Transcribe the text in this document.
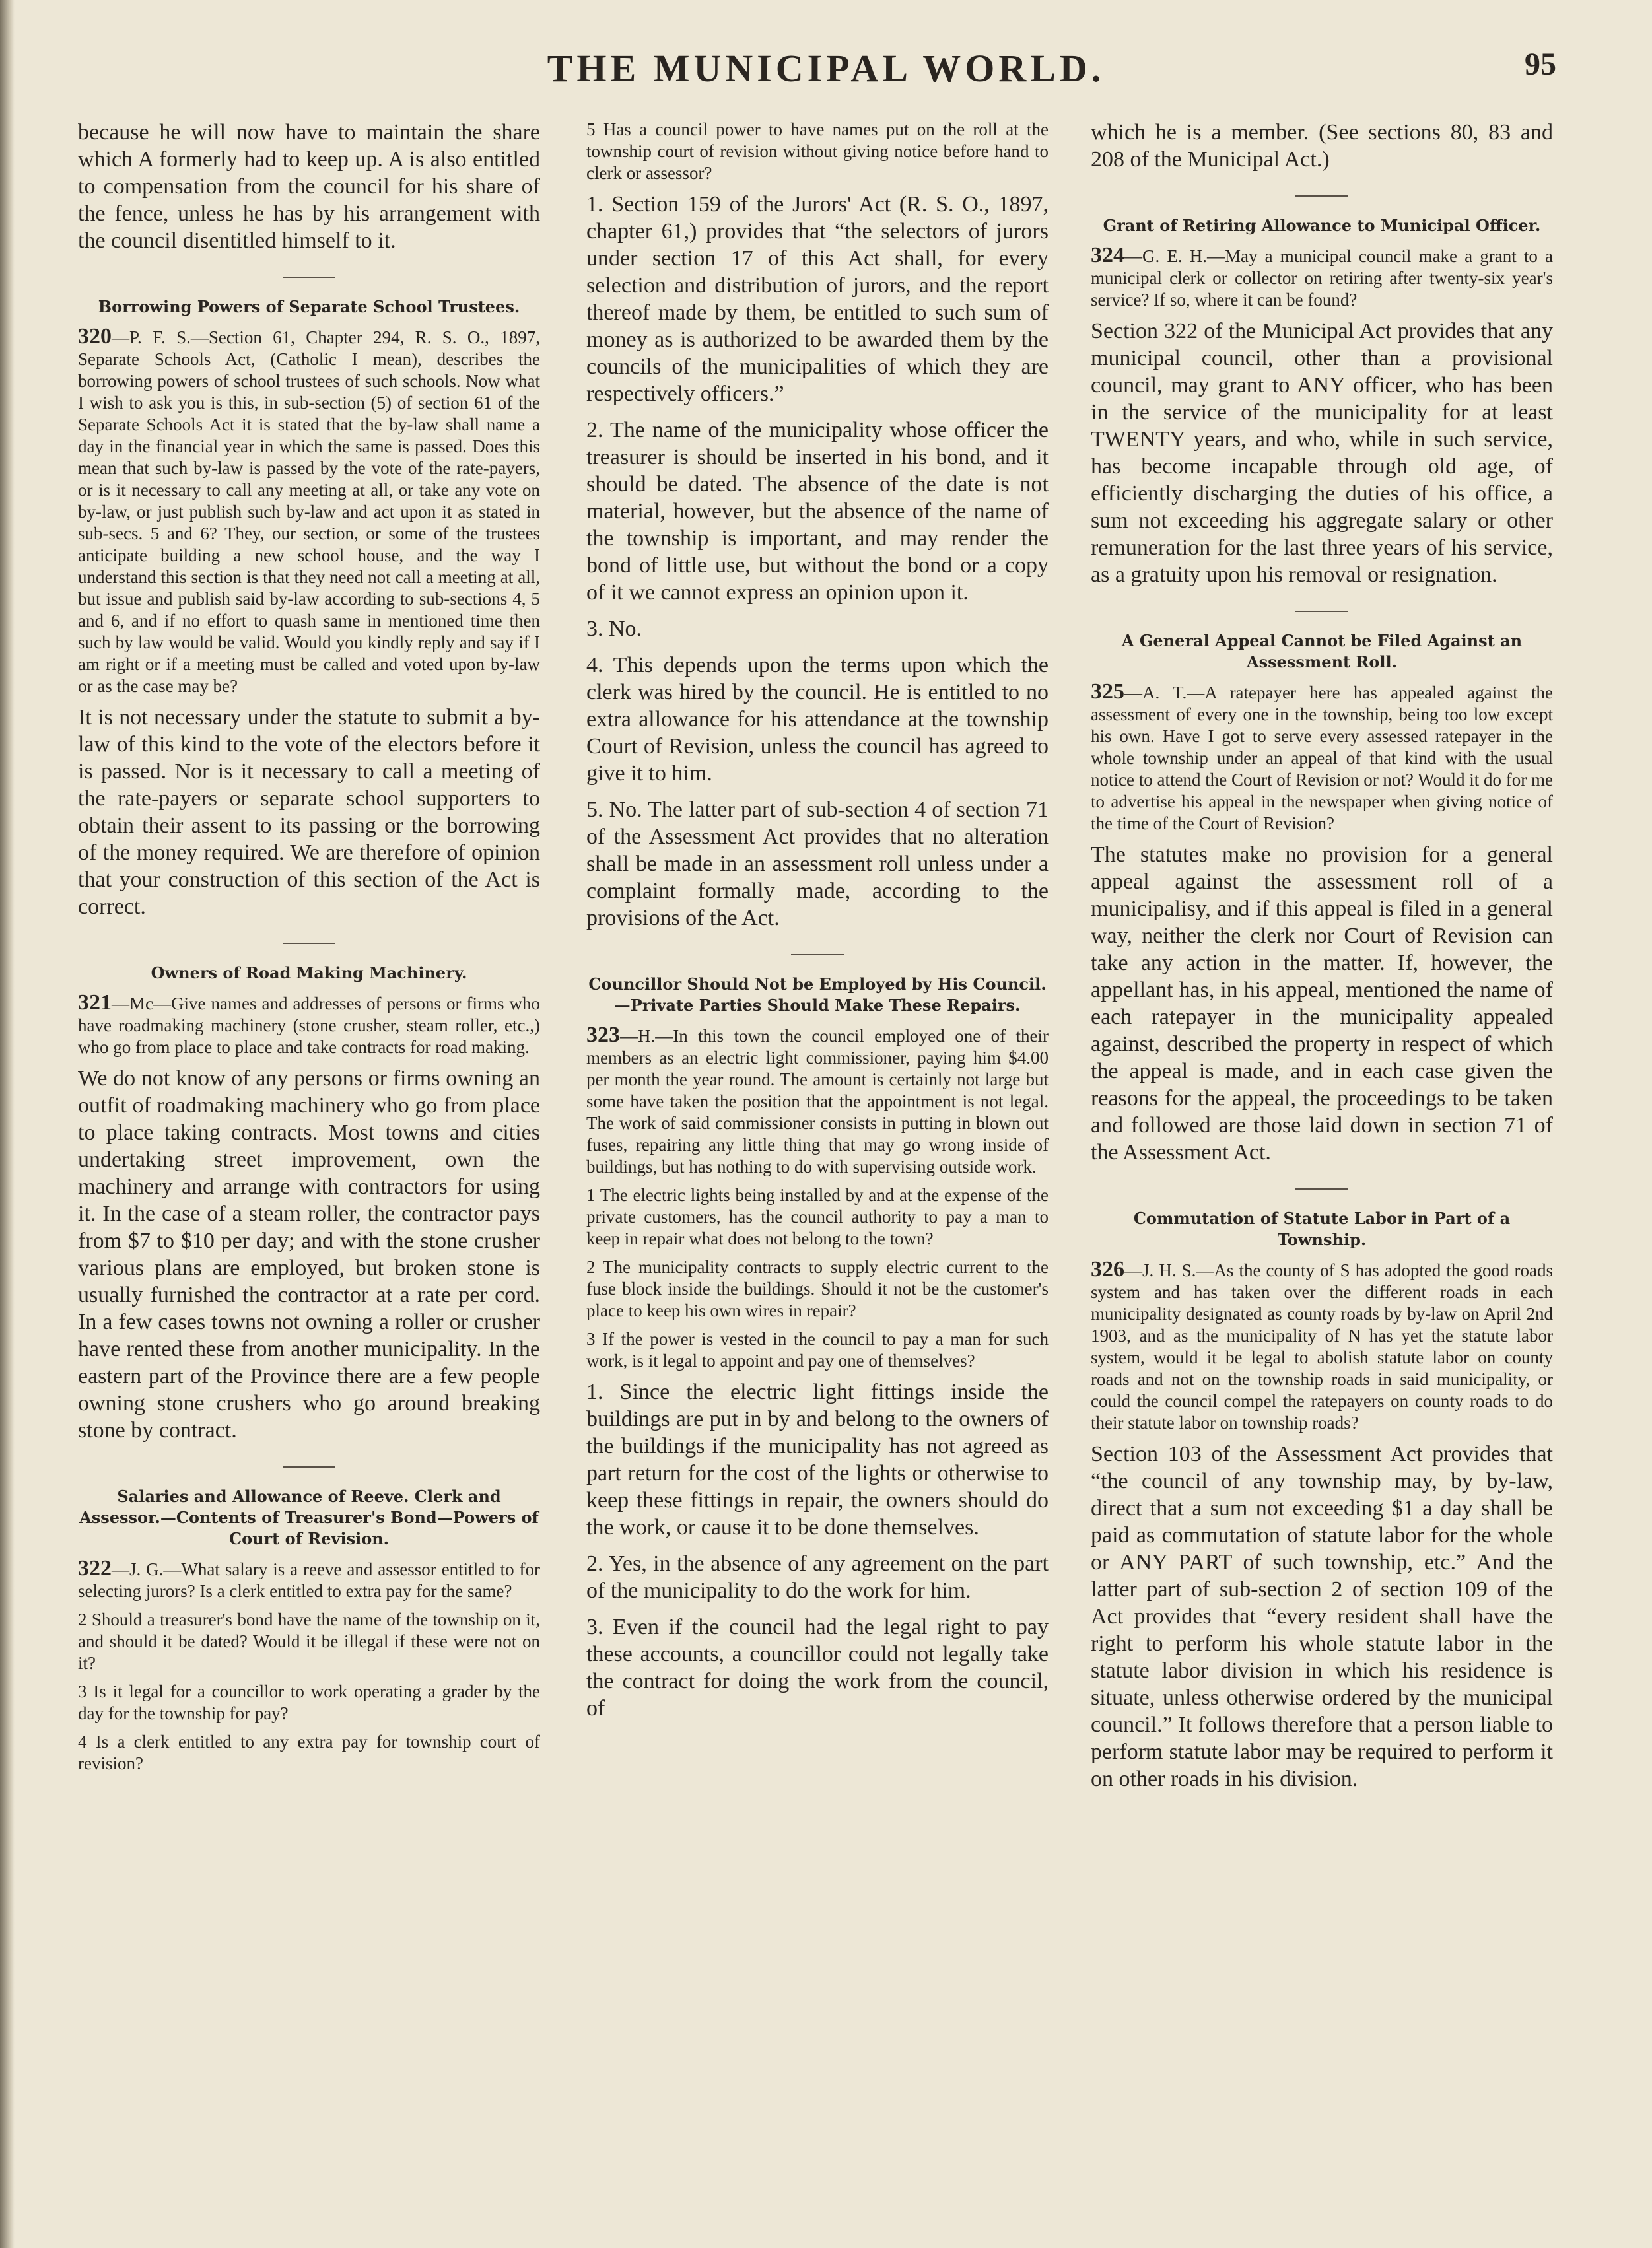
THE MUNICIPAL WORLD.	95

because he will now have to maintain the share which A formerly had to keep up. A is also entitled to compensation from the council for his share of the fence, unless he has by his arrangement with the council disentitled himself to it.

Borrowing Powers of Separate School Trustees.

320—P. F. S.—Section 61, Chapter 294, R. S. O., 1897, Separate Schools Act, (Catholic I mean), describes the borrowing powers of school trustees of such schools. Now what I wish to ask you is this, in sub-section (5) of section 61 of the Separate Schools Act it is stated that the by-law shall name a day in the financial year in which the same is passed. Does this mean that such by-law is passed by the vote of the rate-payers, or is it necessary to call any meeting at all, or take any vote on by-law, or just publish such by-law and act upon it as stated in sub-secs. 5 and 6? They, our section, or some of the trustees anticipate building a new school house, and the way I understand this section is that they need not call a meeting at all, but issue and publish said by-law according to sub-sections 4, 5 and 6, and if no effort to quash same in mentioned time then such by law would be valid. Would you kindly reply and say if I am right or if a meeting must be called and voted upon by-law or as the case may be?

It is not necessary under the statute to submit a by-law of this kind to the vote of the electors before it is passed. Nor is it necessary to call a meeting of the rate-payers or separate school supporters to obtain their assent to its passing or the borrowing of the money required. We are therefore of opinion that your construction of this section of the Act is correct.

Owners of Road Making Machinery.

321—Mc—Give names and addresses of persons or firms who have roadmaking machinery (stone crusher, steam roller, etc.,) who go from place to place and take contracts for road making.

We do not know of any persons or firms owning an outfit of roadmaking machinery who go from place to place taking contracts. Most towns and cities undertaking street improvement, own the machinery and arrange with contractors for using it. In the case of a steam roller, the contractor pays from $7 to $10 per day; and with the stone crusher various plans are employed, but broken stone is usually furnished the contractor at a rate per cord. In a few cases towns not owning a roller or crusher have rented these from another municipality. In the eastern part of the Province there are a few people owning stone crushers who go around breaking stone by contract.

Salaries and Allowance of Reeve. Clerk and Assessor.—Contents of Treasurer's Bond—Powers of Court of Revision.

322—J. G.—What salary is a reeve and assessor entitled to for selecting jurors? Is a clerk entitled to extra pay for the same?

2 Should a treasurer's bond have the name of the township on it, and should it be dated? Would it be illegal if these were not on it?

3 Is it legal for a councillor to work operating a grader by the day for the township for pay?

4 Is a clerk entitled to any extra pay for township court of revision?

5 Has a council power to have names put on the roll at the township court of revision without giving notice before hand to clerk or assessor?

1. Section 159 of the Jurors' Act (R. S. O., 1897, chapter 61,) provides that “the selectors of jurors under section 17 of this Act shall, for every selection and distribution of jurors, and the report thereof made by them, be entitled to such sum of money as is authorized to be awarded them by the councils of the municipalities of which they are respectively officers.”

2. The name of the municipality whose officer the treasurer is should be inserted in his bond, and it should be dated. The absence of the date is not material, however, but the absence of the name of the township is important, and may render the bond of little use, but without the bond or a copy of it we cannot express an opinion upon it.

3. No.

4. This depends upon the terms upon which the clerk was hired by the council. He is entitled to no extra allowance for his attendance at the township Court of Revision, unless the council has agreed to give it to him.

5. No. The latter part of sub-section 4 of section 71 of the Assessment Act provides that no alteration shall be made in an assessment roll unless under a complaint formally made, according to the provisions of the Act.

Councillor Should Not be Employed by His Council.—Private Parties Should Make These Repairs.

323—H.—In this town the council employed one of their members as an electric light commissioner, paying him $4.00 per month the year round. The amount is certainly not large but some have taken the position that the appointment is not legal. The work of said commissioner consists in putting in blown out fuses, repairing any little thing that may go wrong inside of buildings, but has nothing to do with supervising outside work.

1 The electric lights being installed by and at the expense of the private customers, has the council authority to pay a man to keep in repair what does not belong to the town?

2 The municipality contracts to supply electric current to the fuse block inside the buildings. Should it not be the customer's place to keep his own wires in repair?

3 If the power is vested in the council to pay a man for such work, is it legal to appoint and pay one of themselves?

1. Since the electric light fittings inside the buildings are put in by and belong to the owners of the buildings if the municipality has not agreed as part return for the cost of the lights or otherwise to keep these fittings in repair, the owners should do the work, or cause it to be done themselves.

2. Yes, in the absence of any agreement on the part of the municipality to do the work for him.

3. Even if the council had the legal right to pay these accounts, a councillor could not legally take the contract for doing the work from the council, of

which he is a member. (See sections 80, 83 and 208 of the Municipal Act.)

Grant of Retiring Allowance to Municipal Officer.

324—G. E. H.—May a municipal council make a grant to a municipal clerk or collector on retiring after twenty-six year's service? If so, where it can be found?

Section 322 of the Municipal Act provides that any municipal council, other than a provisional council, may grant to ANY officer, who has been in the service of the municipality for at least TWENTY years, and who, while in such service, has become incapable through old age, of efficiently discharging the duties of his office, a sum not exceeding his aggregate salary or other remuneration for the last three years of his service, as a gratuity upon his removal or resignation.

A General Appeal Cannot be Filed Against an Assessment Roll.

325—A. T.—A ratepayer here has appealed against the assessment of every one in the township, being too low except his own. Have I got to serve every assessed ratepayer in the whole township under an appeal of that kind with the usual notice to attend the Court of Revision or not? Would it do for me to advertise his appeal in the newspaper when giving notice of the time of the Court of Revision?

The statutes make no provision for a general appeal against the assessment roll of a municipalisy, and if this appeal is filed in a general way, neither the clerk nor Court of Revision can take any action in the matter. If, however, the appellant has, in his appeal, mentioned the name of each ratepayer in the municipality appealed against, described the property in respect of which the appeal is made, and in each case given the reasons for the appeal, the proceedings to be taken and followed are those laid down in section 71 of the Assessment Act.

Commutation of Statute Labor in Part of a Township.

326—J. H. S.—As the county of S has adopted the good roads system and has taken over the different roads in each municipality designated as county roads by by-law on April 2nd 1903, and as the municipality of N has yet the statute labor system, would it be legal to abolish statute labor on county roads and not on the township roads in said municipality, or could the council compel the ratepayers on county roads to do their statute labor on township roads?

Section 103 of the Assessment Act provides that “the council of any township may, by by-law, direct that a sum not exceeding $1 a day shall be paid as commutation of statute labor for the whole or ANY PART of such township, etc.” And the latter part of sub-section 2 of section 109 of the Act provides that “every resident shall have the right to perform his whole statute labor in the statute labor division in which his residence is situate, unless otherwise ordered by the municipal council.” It follows therefore that a person liable to perform statute labor may be required to perform it on other roads in his division.
